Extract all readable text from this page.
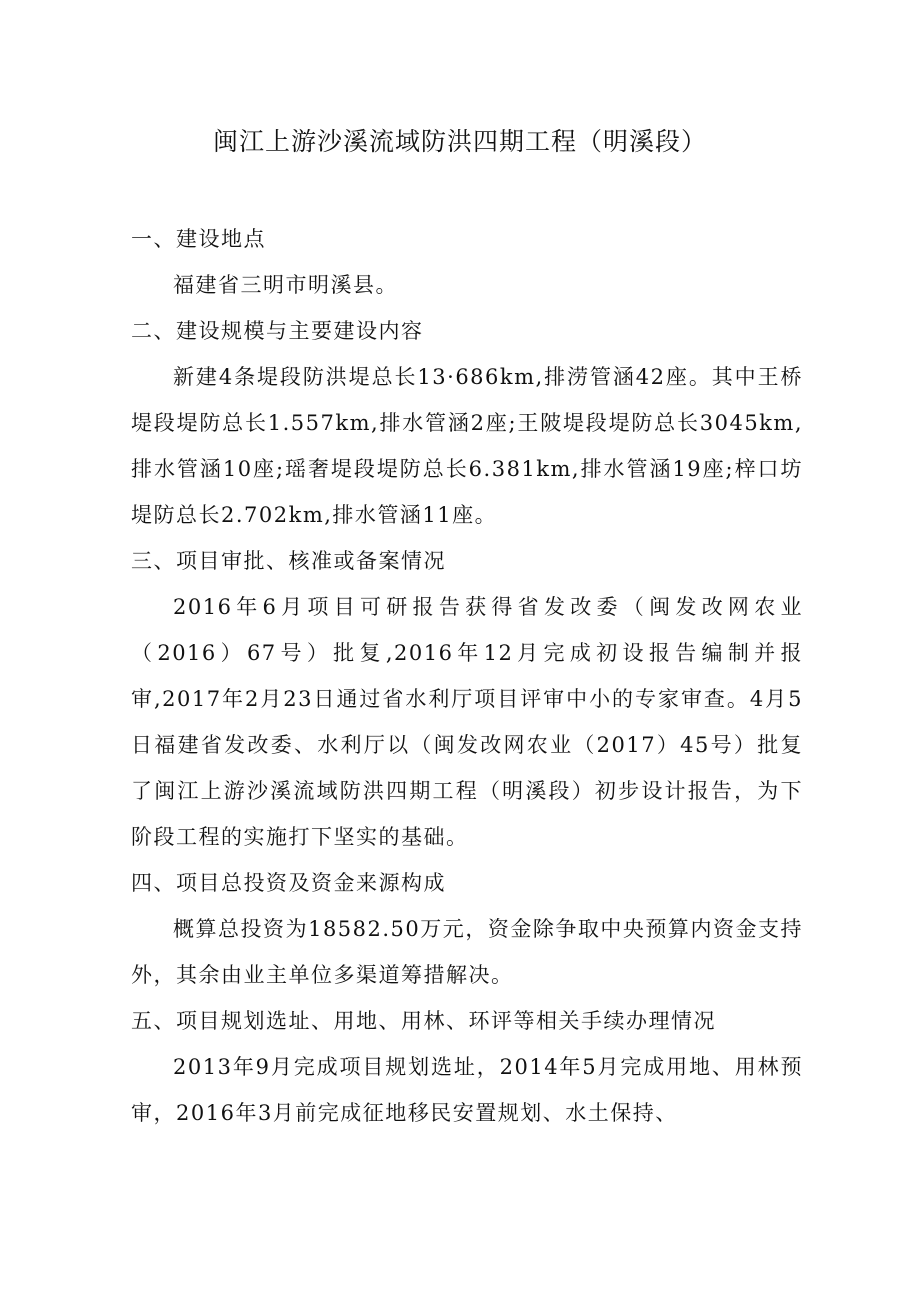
闽江上游沙溪流域防洪四期工程（明溪段）

一、建设地点

福建省三明市明溪县。

二、建设规模与主要建设内容

新建4条堤段防洪堤总长13·686km,排涝管涵42座。其中王桥堤段堤防总长1.557km,排水管涵2座;王陂堤段堤防总长3045km,排水管涵10座;瑶奢堤段堤防总长6.381km,排水管涵19座;梓口坊堤防总长2.702km,排水管涵11座。

三、项目审批、核准或备案情况

2016年6月项目可研报告获得省发改委（闽发改网农业（2016）67号）批复,2016年12月完成初设报告编制并报审,2017年2月23日通过省水利厅项目评审中小的专家审查。4月5日福建省发改委、水利厅以（闽发改网农业（2017）45号）批复了闽江上游沙溪流域防洪四期工程（明溪段）初步设计报告，为下阶段工程的实施打下坚实的基础。

四、项目总投资及资金来源构成

概算总投资为18582.50万元，资金除争取中央预算内资金支持外，其余由业主单位多渠道筹措解决。

五、项目规划选址、用地、用林、环评等相关手续办理情况

2013年9月完成项目规划选址，2014年5月完成用地、用林预审，2016年3月前完成征地移民安置规划、水土保持、
